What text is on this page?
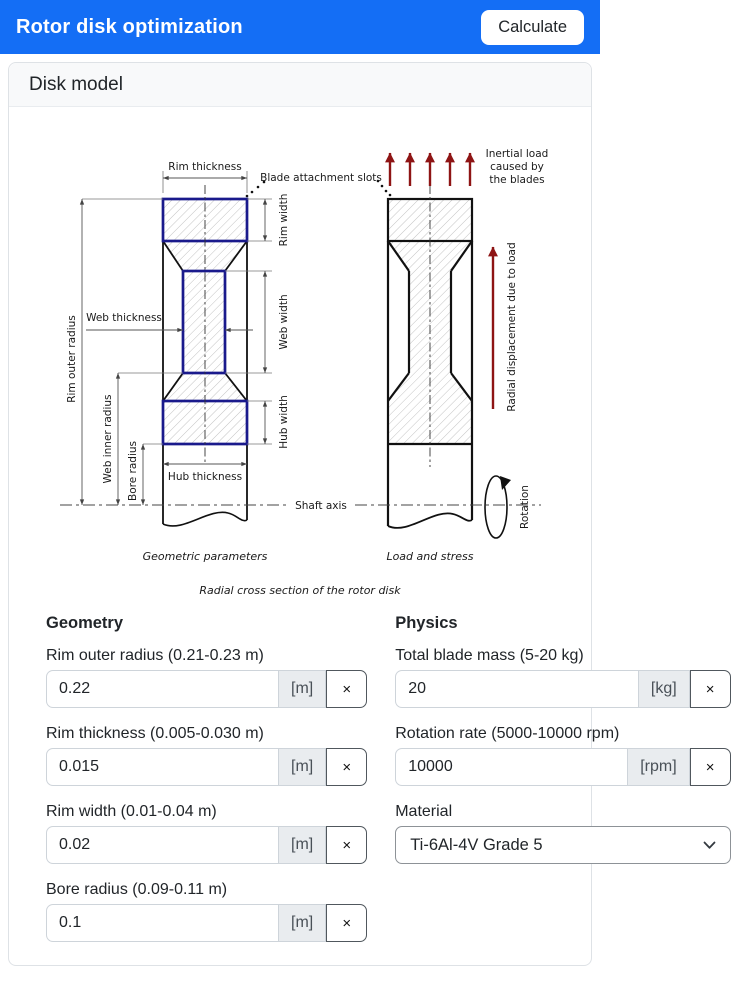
Rotor disk optimization	Calculate
Disk model
Rim thickness
Web thickness
Hub thickness
Blade attachment slots
Rim outer radius
Web inner radius Bore radius
Rim width
Web width
Hub width
Geometric parameters
Inertial load
caused by
the blades
Radial displacement due to load
Rotation
Load and stress
Shaft axis
Radial cross section of the rotor disk
Geometry
Rim outer radius (0.21-0.23 m)
0.22
[m]	×
Rim thickness (0.005-0.030 m)
0.015
[m]	×
Rim width (0.01-0.04 m)
0.02
[m]	×
Bore radius (0.09-0.11 m)
0.1
[m]	×
Physics
Total blade mass (5-20 kg)
20
[kg]	×
Rotation rate (5000-10000 rpm)
10000
[rpm]	×
Material
Ti-6Al-4V Grade 5
